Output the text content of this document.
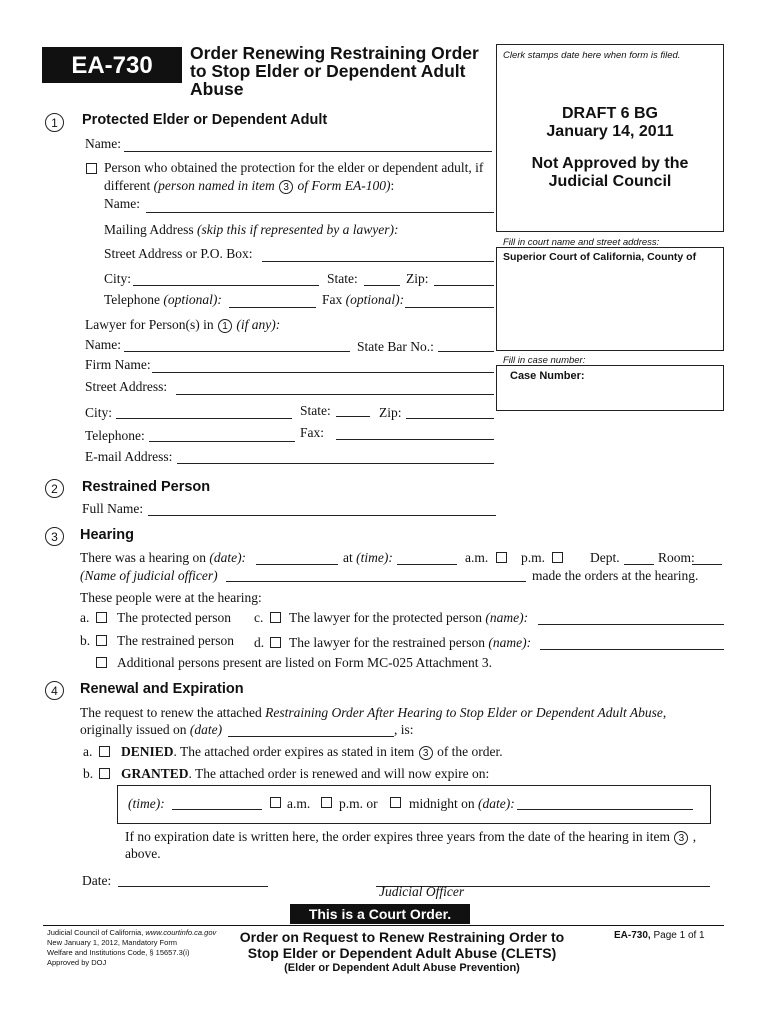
EA-730	Order Renewing Restraining Order
to Stop Elder or Dependent Adult
Abuse
Clerk stamps date here when form is filed.
DRAFT 6 BG
January 14, 2011
Not Approved by the
Judicial Council
Fill in court name and street address:
Superior Court of California, County of
Fill in case number:
Case Number:
1	Protected Elder or Dependent Adult
Name:
Person who obtained the protection for the elder or dependent adult, if
different (person named in item 3 of Form EA-100):
Name:
Mailing Address (skip this if represented by a lawyer):
Street Address or P.O. Box:
City:	State:	Zip:
Telephone (optional):	Fax (optional):
Lawyer for Person(s) in 1 (if any):
Name:	State Bar No.:
Firm Name:
Street Address:
City:	State:	Zip:
Telephone:	Fax:
E-mail Address:
2	Restrained Person
Full Name:
3	Hearing
There was a hearing on (date):	at (time):	a.m. p.m.	Dept.	Room:
(Name of judicial officer)	made the orders at the hearing.
These people were at the hearing:
a. The protected person c. The lawyer for the protected person (name):
b. The restrained person d. The lawyer for the restrained person (name):
Additional persons present are listed on Form MC-025 Attachment 3.
4	Renewal and Expiration
The request to renew the attached Restraining Order After Hearing to Stop Elder or Dependent Adult Abuse,
originally issued on (date)	, is:
a. DENIED. The attached order expires as stated in item 3 of the order.
b. GRANTED. The attached order is renewed and will now expire on:
(time):	a.m. p.m. or midnight on (date):
If no expiration date is written here, the order expires three years from the date of the hearing in item 3 ,
above.
Date:
Judicial Officer
This is a Court Order.
Judicial Council of California, www.courtinfo.ca.gov
New January 1, 2012, Mandatory Form
Welfare and Institutions Code, § 15657.3(i)
Approved by DOJ
Order on Request to Renew Restraining Order to
Stop Elder or Dependent Adult Abuse (CLETS)
(Elder or Dependent Adult Abuse Prevention)
EA-730, Page 1 of 1
